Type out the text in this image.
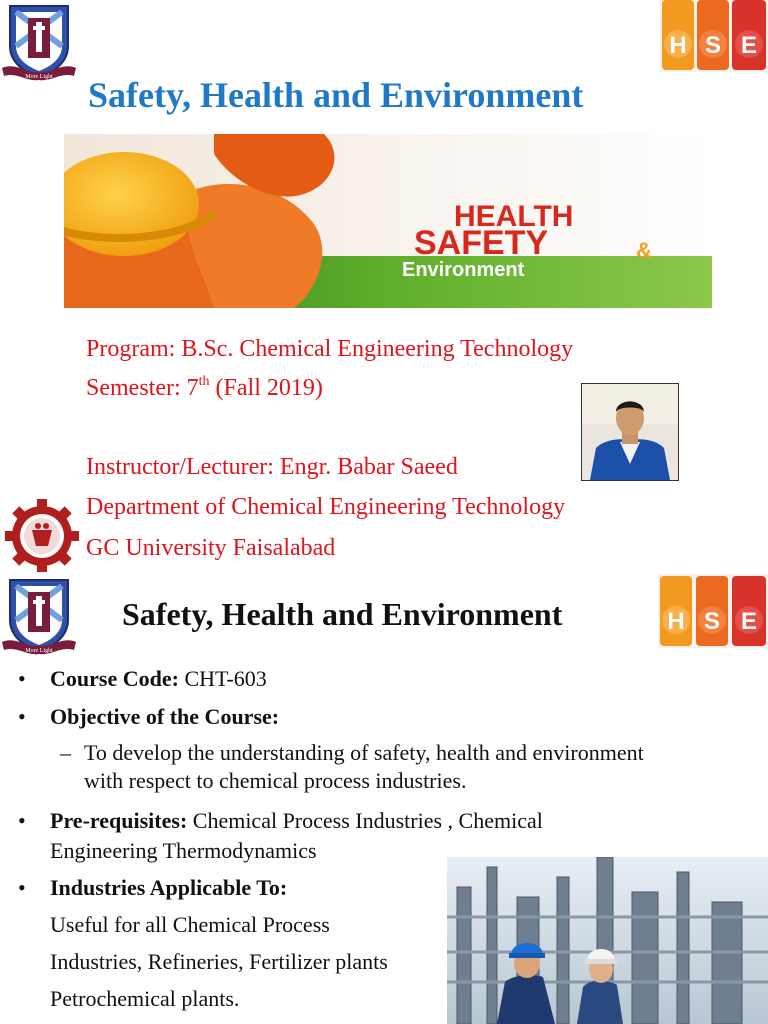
More Light
H S E
Safety, Health and Environment
HEALTH
SAFETY	&
Environment
Program: B.Sc. Chemical Engineering Technology
Semester: 7th (Fall 2019)
Instructor/Lecturer: Engr. Babar Saeed
Department of Chemical Engineering Technology
GC University Faisalabad
More Light
Safety, Health and Environment	H S E
• Course Code: CHT-603
• Objective of the Course:
– To develop the understanding of safety, health and environment
with respect to chemical process industries.
• Pre-requisites: Chemical Process Industries , Chemical
Engineering Thermodynamics
• Industries Applicable To:
Useful for all Chemical Process
Industries, Refineries, Fertilizer plants
Petrochemical plants.
